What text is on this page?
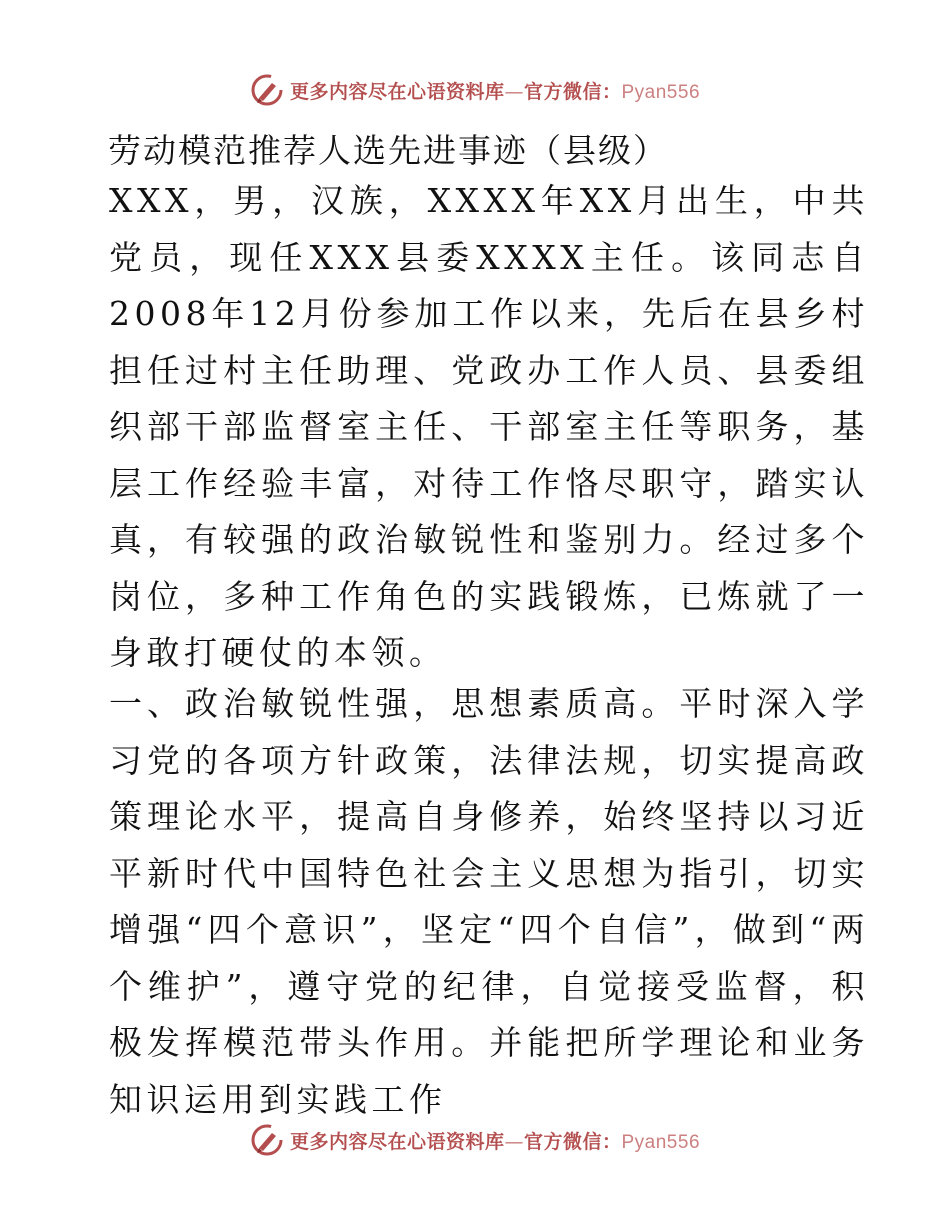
更多内容尽在心语资料库—官方微信：Pyan556
劳动模范推荐人选先进事迹（县级）
XXX，男，汉族，XXXX年XX月出生，中共党员，现任XXX县委XXXX主任。该同志自2008年12月份参加工作以来，先后在县乡村担任过村主任助理、党政办工作人员、县委组织部干部监督室主任、干部室主任等职务，基层工作经验丰富，对待工作恪尽职守，踏实认真，有较强的政治敏锐性和鉴别力。经过多个岗位，多种工作角色的实践锻炼，已炼就了一身敢打硬仗的本领。
一、政治敏锐性强，思想素质高。平时深入学习党的各项方针政策，法律法规，切实提高政策理论水平，提高自身修养，始终坚持以习近平新时代中国特色社会主义思想为指引，切实增强“四个意识”，坚定“四个自信”，做到“两个维护”，遵守党的纪律，自觉接受监督，积极发挥模范带头作用。并能把所学理论和业务知识运用到实践工作
更多内容尽在心语资料库—官方微信：Pyan556
